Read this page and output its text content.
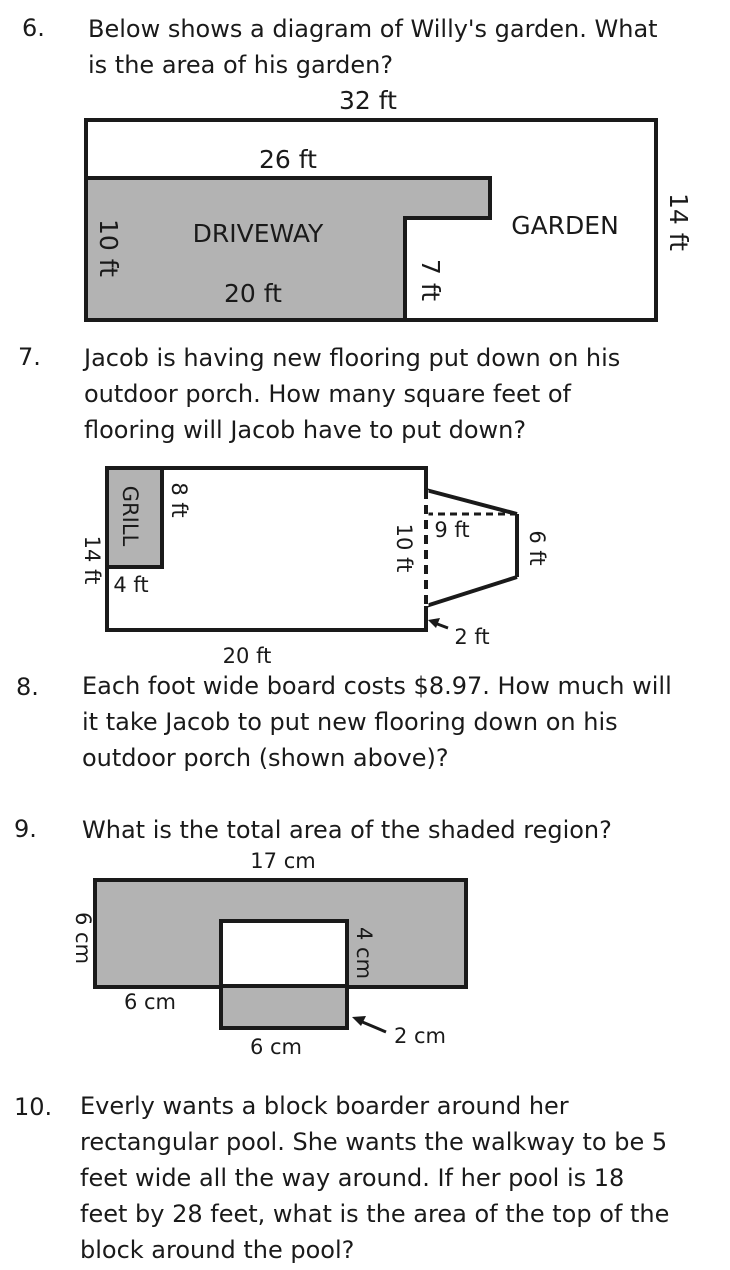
6. Below shows a diagram of Willy's garden. What
is the area of his garden?

32 ft
26 ft
10 ft	DRIVEWAY
20 ft	7 ft
GARDEN 14 ft
7. Jacob is having new flooring put down on his
outdoor porch. How many square feet of
flooring will Jacob have to put down?

GRILL 8 ft
14 ft
4 ft
20 ft
10 ft 9 ft
6 ft
2 ft
8. Each foot wide board costs $8.97. How much will
it take Jacob to put new flooring down on his
outdoor porch (shown above)?

9. What is the total area of the shaded region?

17 cm
6 cm
6 cm
4 cm
6 cm	2 cm
10. Everly wants a block boarder around her
rectangular pool. She wants the walkway to be 5
feet wide all the way around. If her pool is 18
feet by 28 feet, what is the area of the top of the
block around the pool?
